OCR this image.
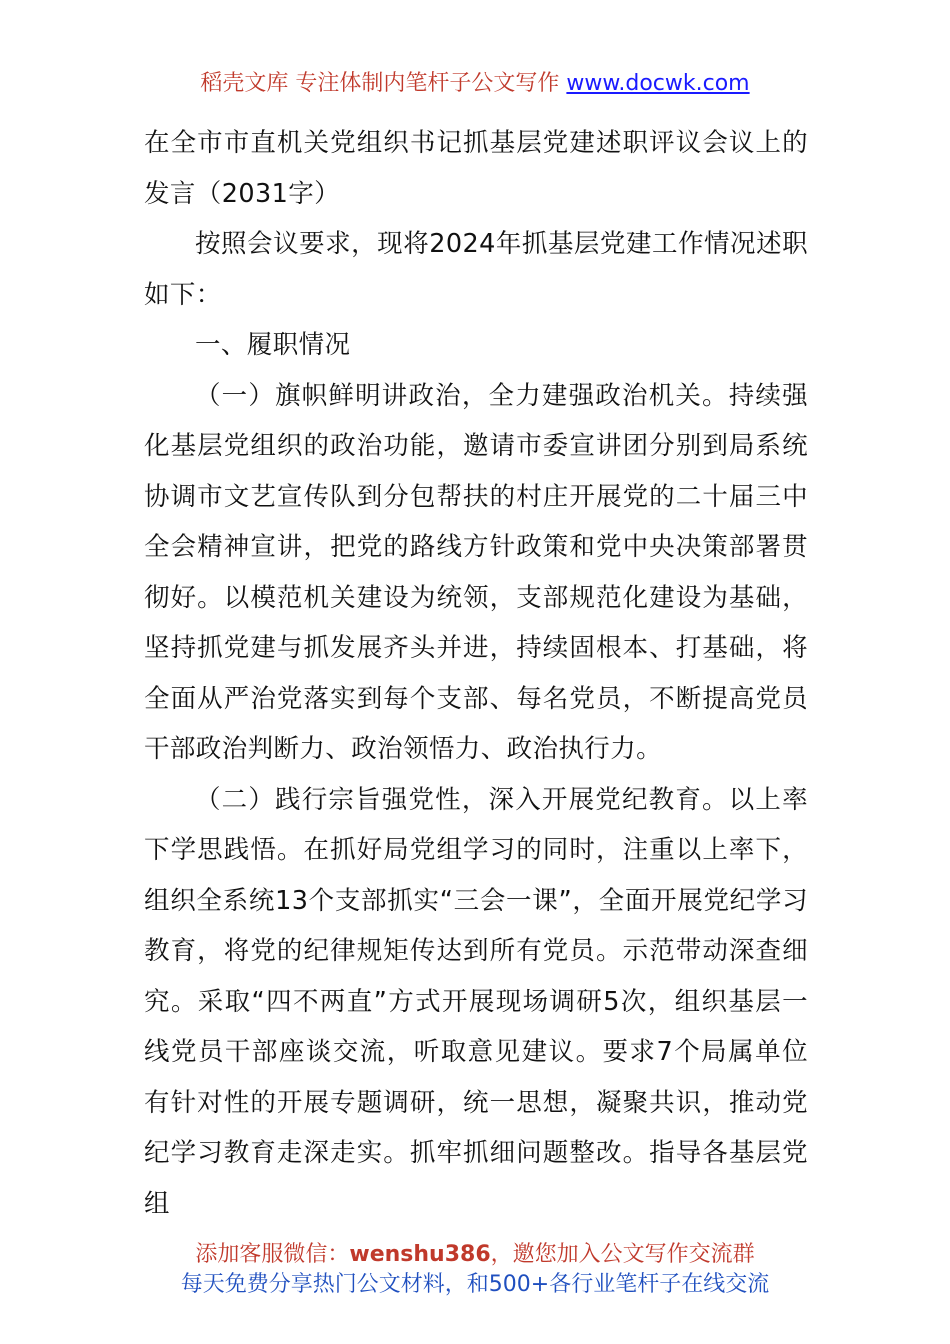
稻壳文库 专注体制内笔杆子公文写作 www.docwk.com

在全市市直机关党组织书记抓基层党建述职评议会议上的发言（2031字）

按照会议要求，现将2024年抓基层党建工作情况述职如下：

一、履职情况

（一）旗帜鲜明讲政治，全力建强政治机关。持续强化基层党组织的政治功能，邀请市委宣讲团分别到局系统协调市文艺宣传队到分包帮扶的村庄开展党的二十届三中全会精神宣讲，把党的路线方针政策和党中央决策部署贯彻好。以模范机关建设为统领，支部规范化建设为基础，坚持抓党建与抓发展齐头并进，持续固根本、打基础，将全面从严治党落实到每个支部、每名党员，不断提高党员干部政治判断力、政治领悟力、政治执行力。

（二）践行宗旨强党性，深入开展党纪教育。以上率下学思践悟。在抓好局党组学习的同时，注重以上率下，组织全系统13个支部抓实“三会一课”，全面开展党纪学习教育，将党的纪律规矩传达到所有党员。示范带动深查细究。采取“四不两直”方式开展现场调研5次，组织基层一线党员干部座谈交流，听取意见建议。要求7个局属单位有针对性的开展专题调研，统一思想，凝聚共识，推动党纪学习教育走深走实。抓牢抓细问题整改。指导各基层党组

添加客服微信：wenshu386，邀您加入公文写作交流群
每天免费分享热门公文材料，和500+各行业笔杆子在线交流
